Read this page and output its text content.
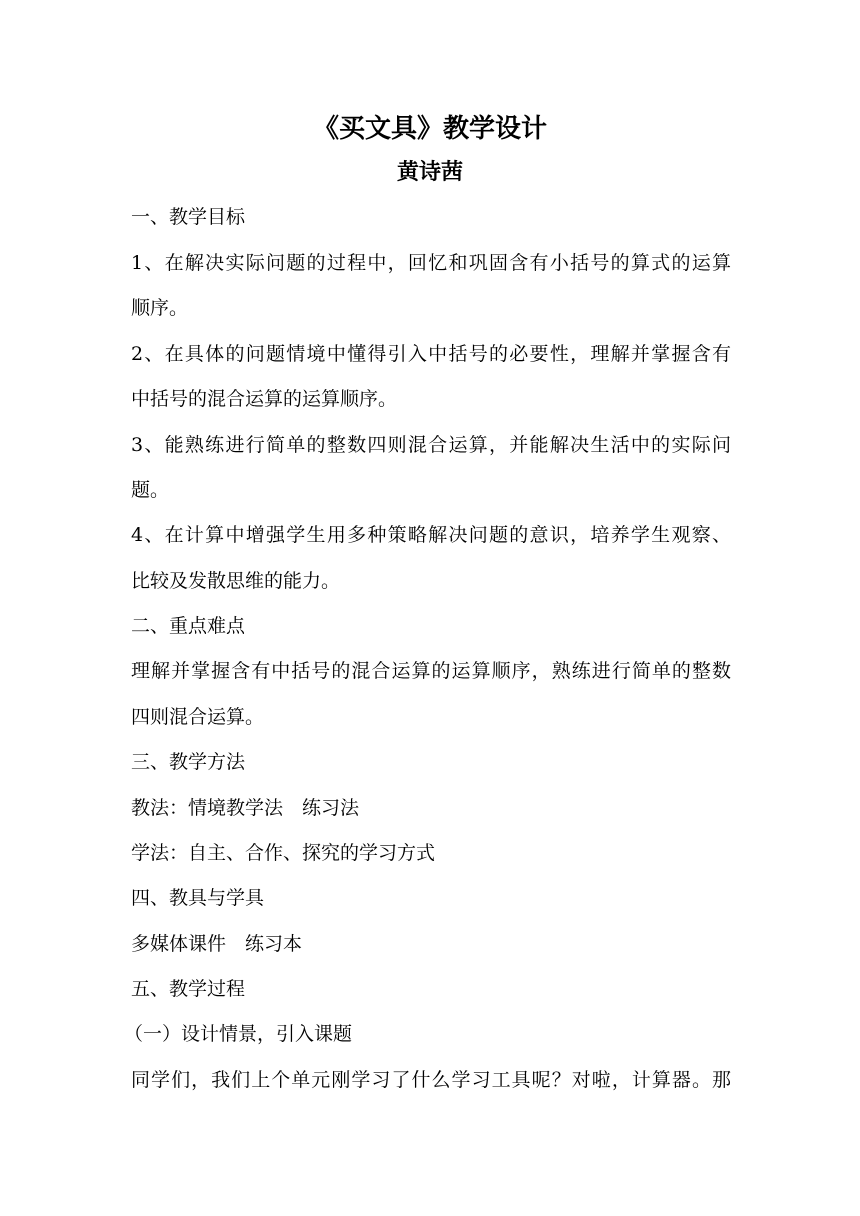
《买文具》教学设计
黄诗茜
一、教学目标
1、在解决实际问题的过程中，回忆和巩固含有小括号的算式的运算
顺序。
2、在具体的问题情境中懂得引入中括号的必要性，理解并掌握含有
中括号的混合运算的运算顺序。
3、能熟练进行简单的整数四则混合运算，并能解决生活中的实际问
题。
4、在计算中增强学生用多种策略解决问题的意识，培养学生观察、
比较及发散思维的能力。
二、重点难点
理解并掌握含有中括号的混合运算的运算顺序，熟练进行简单的整数
四则混合运算。
三、教学方法
教法：情境教学法　练习法
学法：自主、合作、探究的学习方式
四、教具与学具
多媒体课件　练习本
五、教学过程
（一）设计情景，引入课题
同学们，我们上个单元刚学习了什么学习工具呢？对啦，计算器。那
